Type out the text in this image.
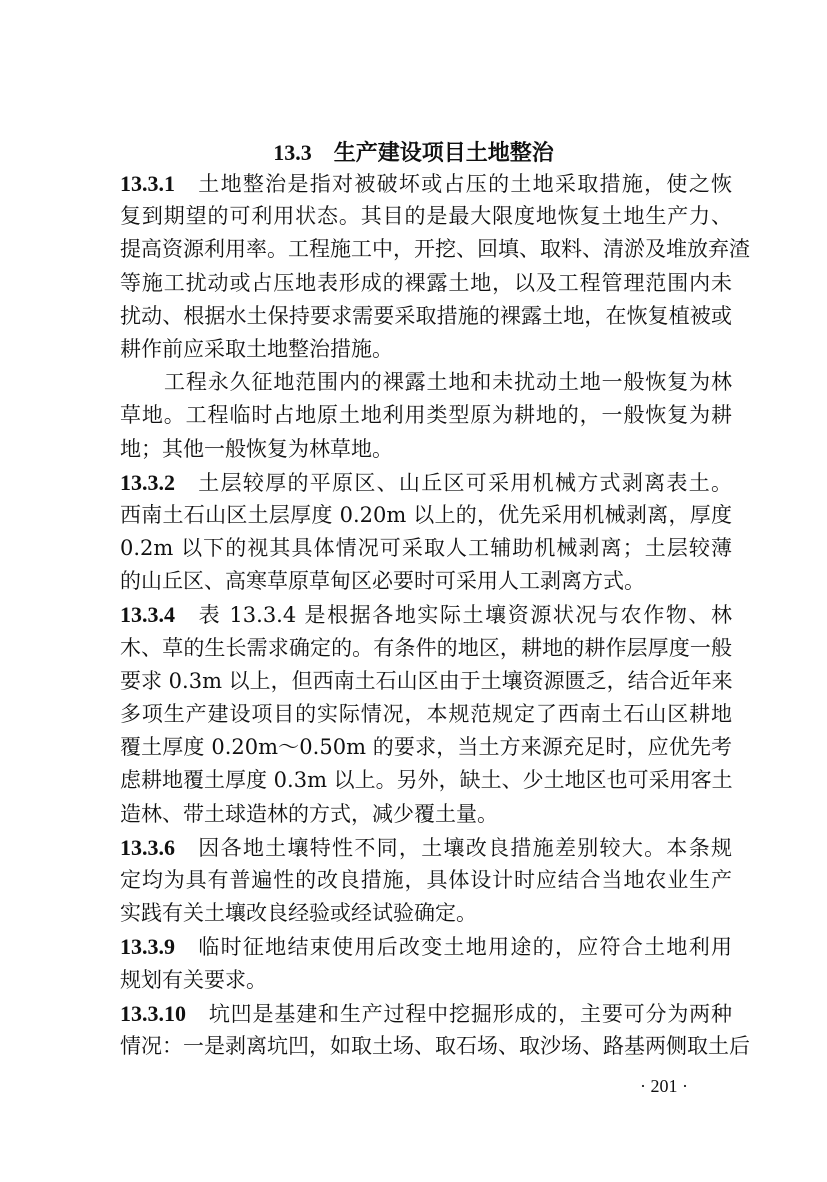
13.3 生产建设项目土地整治
13.3.1 土地整治是指对被破坏或占压的土地采取措施，使之恢
复到期望的可利用状态。其目的是最大限度地恢复土地生产力、
提高资源利用率。工程施工中，开挖、回填、取料、清淤及堆放弃渣
等施工扰动或占压地表形成的裸露土地，以及工程管理范围内未
扰动、根据水土保持要求需要采取措施的裸露土地，在恢复植被或
耕作前应采取土地整治措施。
工程永久征地范围内的裸露土地和未扰动土地一般恢复为林
草地。工程临时占地原土地利用类型原为耕地的，一般恢复为耕
地；其他一般恢复为林草地。
13.3.2 土层较厚的平原区、山丘区可采用机械方式剥离表土。
西南土石山区土层厚度 0.20m 以上的，优先采用机械剥离，厚度
0.2m 以下的视其具体情况可采取人工辅助机械剥离；土层较薄
的山丘区、高寒草原草甸区必要时可采用人工剥离方式。
13.3.4 表 13.3.4 是根据各地实际土壤资源状况与农作物、林
木、草的生长需求确定的。有条件的地区，耕地的耕作层厚度一般
要求 0.3m 以上，但西南土石山区由于土壤资源匮乏，结合近年来
多项生产建设项目的实际情况，本规范规定了西南土石山区耕地
覆土厚度 0.20m～0.50m 的要求，当土方来源充足时，应优先考
虑耕地覆土厚度 0.3m 以上。另外，缺土、少土地区也可采用客土
造林、带土球造林的方式，减少覆土量。
13.3.6 因各地土壤特性不同，土壤改良措施差别较大。本条规
定均为具有普遍性的改良措施，具体设计时应结合当地农业生产
实践有关土壤改良经验或经试验确定。
13.3.9 临时征地结束使用后改变土地用途的，应符合土地利用
规划有关要求。
13.3.10 坑凹是基建和生产过程中挖掘形成的，主要可分为两种
情况：一是剥离坑凹，如取土场、取石场、取沙场、路基两侧取土后
· 201 ·
